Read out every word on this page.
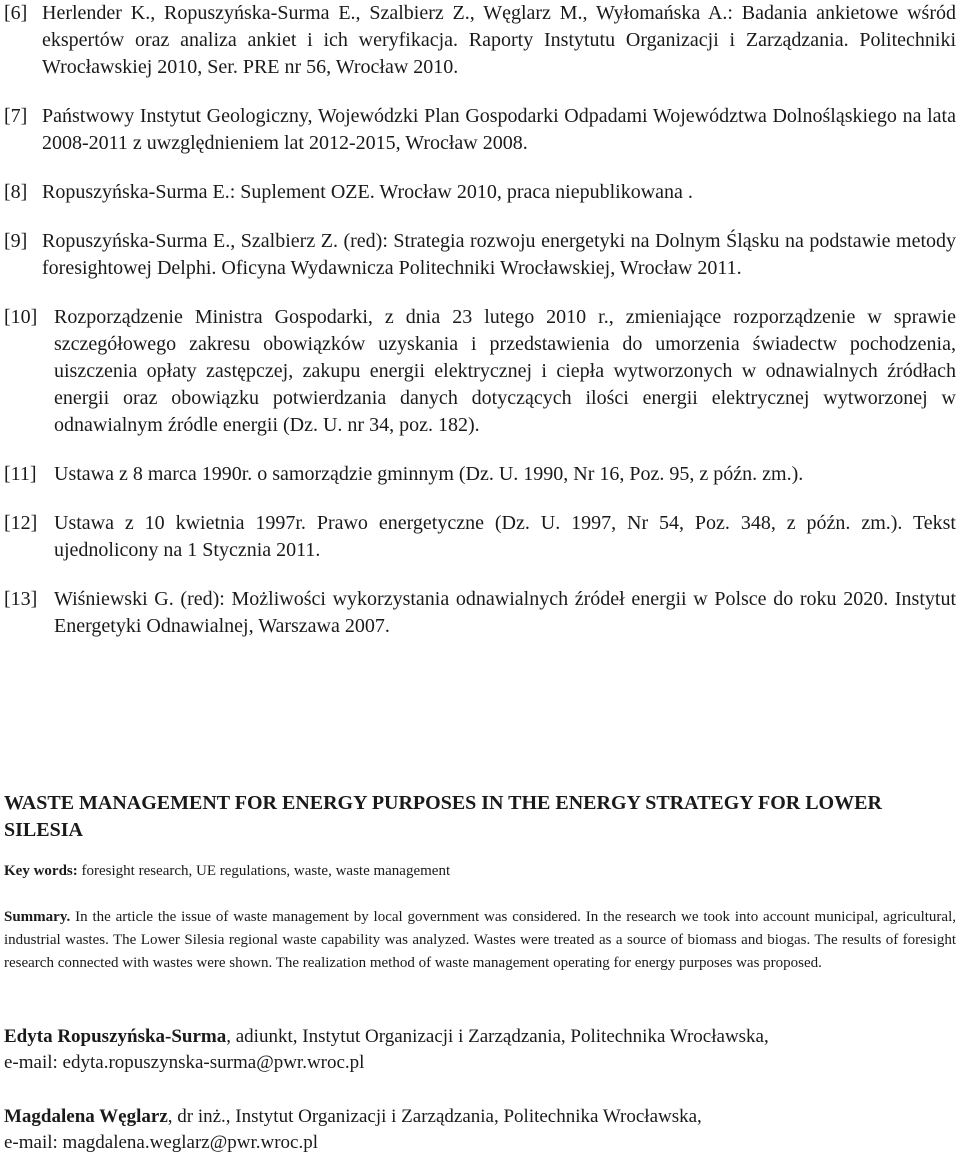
[6] Herlender K., Ropuszyńska-Surma E., Szalbierz Z., Węglarz M., Wyłomańska A.: Badania ankietowe wśród ekspertów oraz analiza ankiet i ich weryfikacja. Raporty Instytutu Organizacji i Zarządzania. Politechniki Wrocławskiej 2010, Ser. PRE nr 56, Wrocław 2010.
[7] Państwowy Instytut Geologiczny, Wojewódzki Plan Gospodarki Odpadami Województwa Dolnośląskiego na lata 2008-2011 z uwzględnieniem lat 2012-2015, Wrocław 2008.
[8] Ropuszyńska-Surma E.: Suplement OZE. Wrocław 2010, praca niepublikowana .
[9] Ropuszyńska-Surma E., Szalbierz Z. (red): Strategia rozwoju energetyki na Dolnym Śląsku na podstawie metody foresightowej Delphi. Oficyna Wydawnicza Politechniki Wrocławskiej, Wrocław 2011.
[10] Rozporządzenie Ministra Gospodarki, z dnia 23 lutego 2010 r., zmieniające rozporządzenie w sprawie szczegółowego zakresu obowiązków uzyskania i przedstawienia do umorzenia świadectw pochodzenia, uiszczenia opłaty zastępczej, zakupu energii elektrycznej i ciepła wytworzonych w odnawialnych źródłach energii oraz obowiązku potwierdzania danych dotyczących ilości energii elektrycznej wytworzonej w odnawialnym źródle energii (Dz. U. nr 34, poz. 182).
[11] Ustawa z 8 marca 1990r. o samorządzie gminnym (Dz. U. 1990, Nr 16, Poz. 95, z późn. zm.).
[12] Ustawa z 10 kwietnia 1997r. Prawo energetyczne (Dz. U. 1997, Nr 54, Poz. 348, z późn. zm.). Tekst ujednolicony na 1 Stycznia 2011.
[13] Wiśniewski G. (red): Możliwości wykorzystania odnawialnych źródeł energii w Polsce do roku 2020. Instytut Energetyki Odnawialnej, Warszawa 2007.
WASTE MANAGEMENT FOR ENERGY PURPOSES IN THE ENERGY STRATEGY FOR LOWER SILESIA
Key words: foresight research, UE regulations, waste, waste management
Summary. In the article the issue of waste management by local government was considered. In the research we took into account municipal, agricultural, industrial wastes. The Lower Silesia regional waste capability was analyzed. Wastes were treated as a source of biomass and biogas. The results of foresight research connected with wastes were shown. The realization method of waste management operating for energy purposes was proposed.
Edyta Ropuszyńska-Surma, adiunkt, Instytut Organizacji i Zarządzania, Politechnika Wrocławska,
e-mail: edyta.ropuszynska-surma@pwr.wroc.pl
Magdalena Węglarz, dr inż., Instytut Organizacji i Zarządzania, Politechnika Wrocławska,
e-mail: magdalena.weglarz@pwr.wroc.pl
